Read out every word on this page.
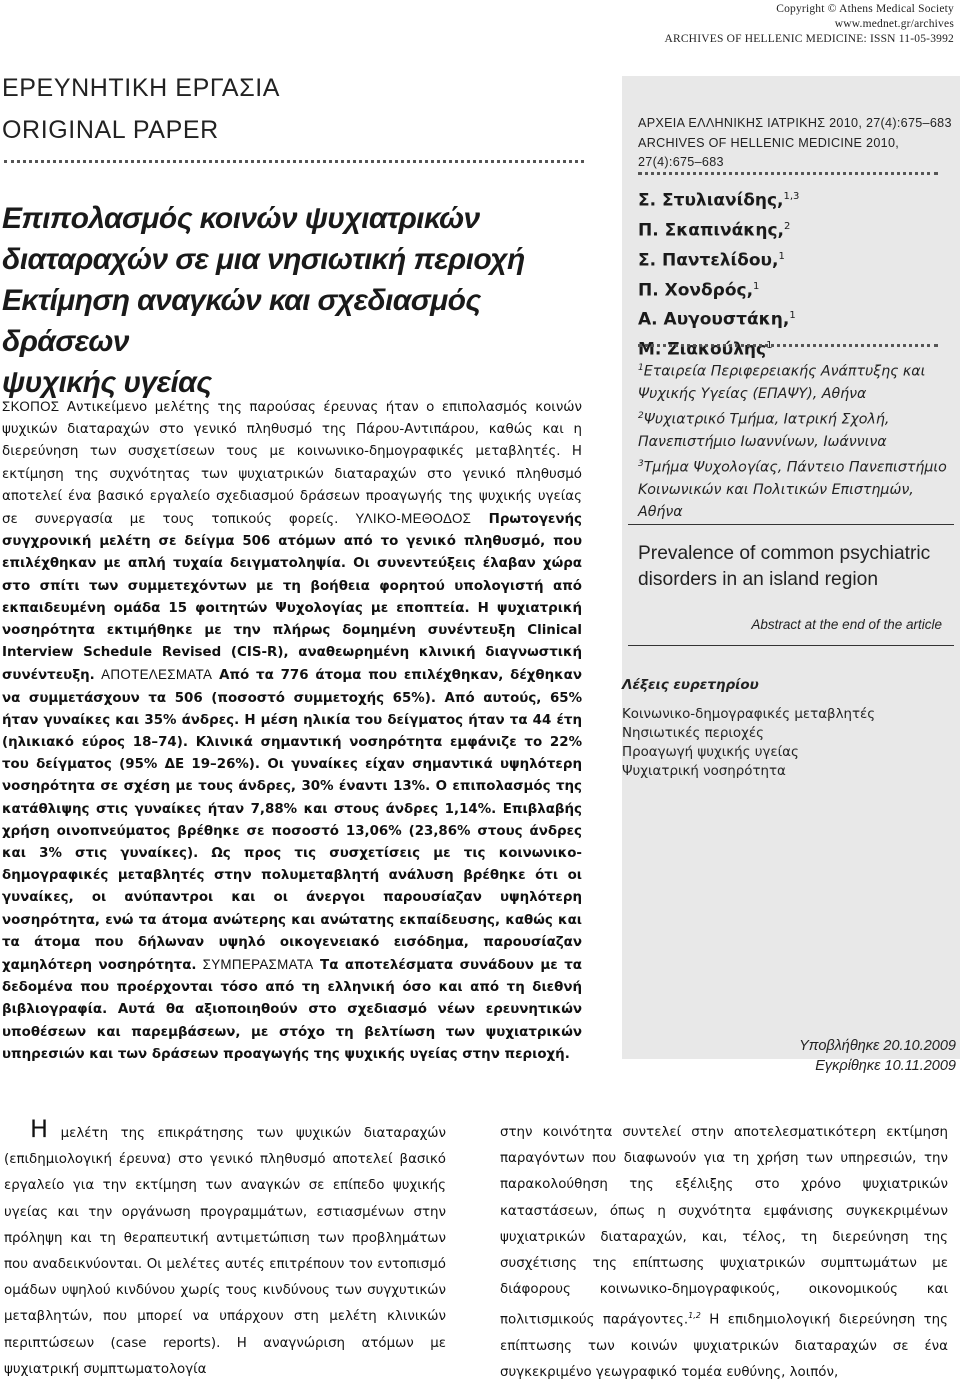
Copyright © Athens Medical Society
www.mednet.gr/archives
ARCHIVES OF HELLENIC MEDICINE: ISSN 11-05-3992
ΕΡΕΥΝΗΤΙΚΗ ΕΡΓΑΣΙΑ
ORIGINAL PAPER
Επιπολασμός κοινών ψυχιατρικών
διαταραχών σε μια νησιωτική περιοχή
Εκτίμηση αναγκών και σχεδιασμός δράσεων
ψυχικής υγείας
ΣΚΟΠΟΣ Αντικείμενο μελέτης της παρούσας έρευνας ήταν ο επιπολασμός κοινών ψυχικών διαταραχών στο γενικό πληθυσμό της Πάρου-Αντιπάρου, καθώς και η διερεύνηση των συσχετίσεων τους με κοινωνικο-δημογραφικές μεταβλητές. Η εκτίμηση της συχνότητας των ψυχιατρικών διαταραχών στο γενικό πληθυσμό αποτελεί ένα βασικό εργαλείο σχεδιασμού δράσεων προαγωγής της ψυχικής υγείας σε συνεργασία με τους τοπικούς φορείς. ΥΛΙΚΟ-ΜΕΘΟΔΟΣ Πρωτογενής συγχρονική μελέτη σε δείγμα 506 ατόμων από το γενικό πληθυσμό, που επιλέχθηκαν με απλή τυχαία δειγματοληψία. Οι συνεντεύξεις έλαβαν χώρα στο σπίτι των συμμετεχόντων με τη βοήθεια φορητού υπολογιστή από εκπαιδευμένη ομάδα 15 φοιτητών Ψυχολογίας με εποπτεία. Η ψυχιατρική νοσηρότητα εκτιμήθηκε με την πλήρως δομημένη συνέντευξη Clinical Interview Schedule Revised (CIS-R), αναθεωρημένη κλινική διαγνωστική συνέντευξη. ΑΠΟΤΕΛΕΣΜΑΤΑ Από τα 776 άτομα που επιλέχθηκαν, δέχθηκαν να συμμετάσχουν τα 506 (ποσοστό συμμετοχής 65%). Από αυτούς, 65% ήταν γυναίκες και 35% άνδρες. Η μέση ηλικία του δείγματος ήταν τα 44 έτη (ηλικιακό εύρος 18–74). Κλινικά σημαντική νοσηρότητα εμφάνιζε το 22% του δείγματος (95% ΔΕ 19–26%). Οι γυναίκες είχαν σημαντικά υψηλότερη νοσηρότητα σε σχέση με τους άνδρες, 30% έναντι 13%. Ο επιπολασμός της κατάθλιψης στις γυναίκες ήταν 7,88% και στους άνδρες 1,14%. Επιβλαβής χρήση οινοπνεύματος βρέθηκε σε ποσοστό 13,06% (23,86% στους άνδρες και 3% στις γυναίκες). Ως προς τις συσχετίσεις με τις κοινωνικο-δημογραφικές μεταβλητές στην πολυμεταβλητή ανάλυση βρέθηκε ότι οι γυναίκες, οι ανύπαντροι και οι άνεργοι παρουσίαζαν υψηλότερη νοσηρότητα, ενώ τα άτομα ανώτερης και ανώτατης εκπαίδευσης, καθώς και τα άτομα που δήλωναν υψηλό οικογενειακό εισόδημα, παρουσίαζαν χαμηλότερη νοσηρότητα. ΣΥΜΠΕΡΑΣΜΑΤΑ Τα αποτελέσματα συνάδουν με τα δεδομένα που προέρχονται τόσο από τη ελληνική όσο και από τη διεθνή βιβλιογραφία. Αυτά θα αξιοποιηθούν στο σχεδιασμό νέων ερευνητικών υποθέσεων και παρεμβάσεων, με στόχο τη βελτίωση των ψυχιατρικών υπηρεσιών και των δράσεων προαγωγής της ψυχικής υγείας στην περιοχή.
ΑΡΧΕΙΑ ΕΛΛΗΝΙΚΗΣ ΙΑΤΡΙΚΗΣ 2010, 27(4):675–683
ARCHIVES OF HELLENIC MEDICINE 2010, 27(4):675–683
Σ. Στυλιανίδης,$^{1,3}$
Π. Σκαπινάκης,$^2$
Σ. Παντελίδου,$^1$
Π. Χονδρός,$^1$
Α. Αυγουστάκη,$^1$
Μ. Ζιακούλης$^1$
$^1$Εταιρεία Περιφερειακής Ανάπτυξης και Ψυχικής Υγείας (ΕΠΑΨΥ), Αθήνα
$^2$Ψυχιατρικό Τμήμα, Ιατρική Σχολή, Πανεπιστήμιο Ιωαννίνων, Ιωάννινα
$^3$Τμήμα Ψυχολογίας, Πάντειο Πανεπιστήμιο Κοινωνικών και Πολιτικών Επιστημών, Αθήνα
Prevalence of common psychiatric disorders in an island region
Abstract at the end of the article
Λέξεις ευρετηρίου
Κοινωνικο-δημογραφικές μεταβλητές
Νησιωτικές περιοχές
Προαγωγή ψυχικής υγείας
Ψυχιατρική νοσηρότητα
Υποβλήθηκε 20.10.2009
Εγκρίθηκε 10.11.2009
Η μελέτη της επικράτησης των ψυχικών διαταραχών (επιδημιολογική έρευνα) στο γενικό πληθυσμό αποτελεί βασικό εργαλείο για την εκτίμηση των αναγκών σε επίπεδο ψυχικής υγείας και την οργάνωση προγραμμάτων, εστιασμένων στην πρόληψη και τη θεραπευτική αντιμετώπιση των προβλημάτων που αναδεικνύονται. Οι μελέτες αυτές επιτρέπουν τον εντοπισμό ομάδων υψηλού κινδύνου χωρίς τους κινδύνους των συγχυτικών μεταβλητών, που μπορεί να υπάρχουν στη μελέτη κλινικών περιπτώσεων (case reports). Η αναγνώριση ατόμων με ψυχιατρική συμπτωματολογία
στην κοινότητα συντελεί στην αποτελεσματικότερη εκτίμηση παραγόντων που διαφωνούν για τη χρήση των υπηρεσιών, την παρακολούθηση της εξέλιξης στο χρόνο ψυχιατρικών καταστάσεων, όπως η συχνότητα εμφάνισης συγκεκριμένων ψυχιατρικών διαταραχών, και, τέλος, τη διερεύνηση της συσχέτισης της επίπτωσης ψυχιατρικών συμπτωμάτων με διάφορους κοινωνικο-δημογραφικούς, οικονομικούς και πολιτισμικούς παράγοντες.$^{1,2}$ Η επιδημιολογική διερεύνηση της επίπτωσης των κοινών ψυχιατρικών διαταραχών σε ένα συγκεκριμένο γεωγραφικό τομέα ευθύνης, λοιπόν,
